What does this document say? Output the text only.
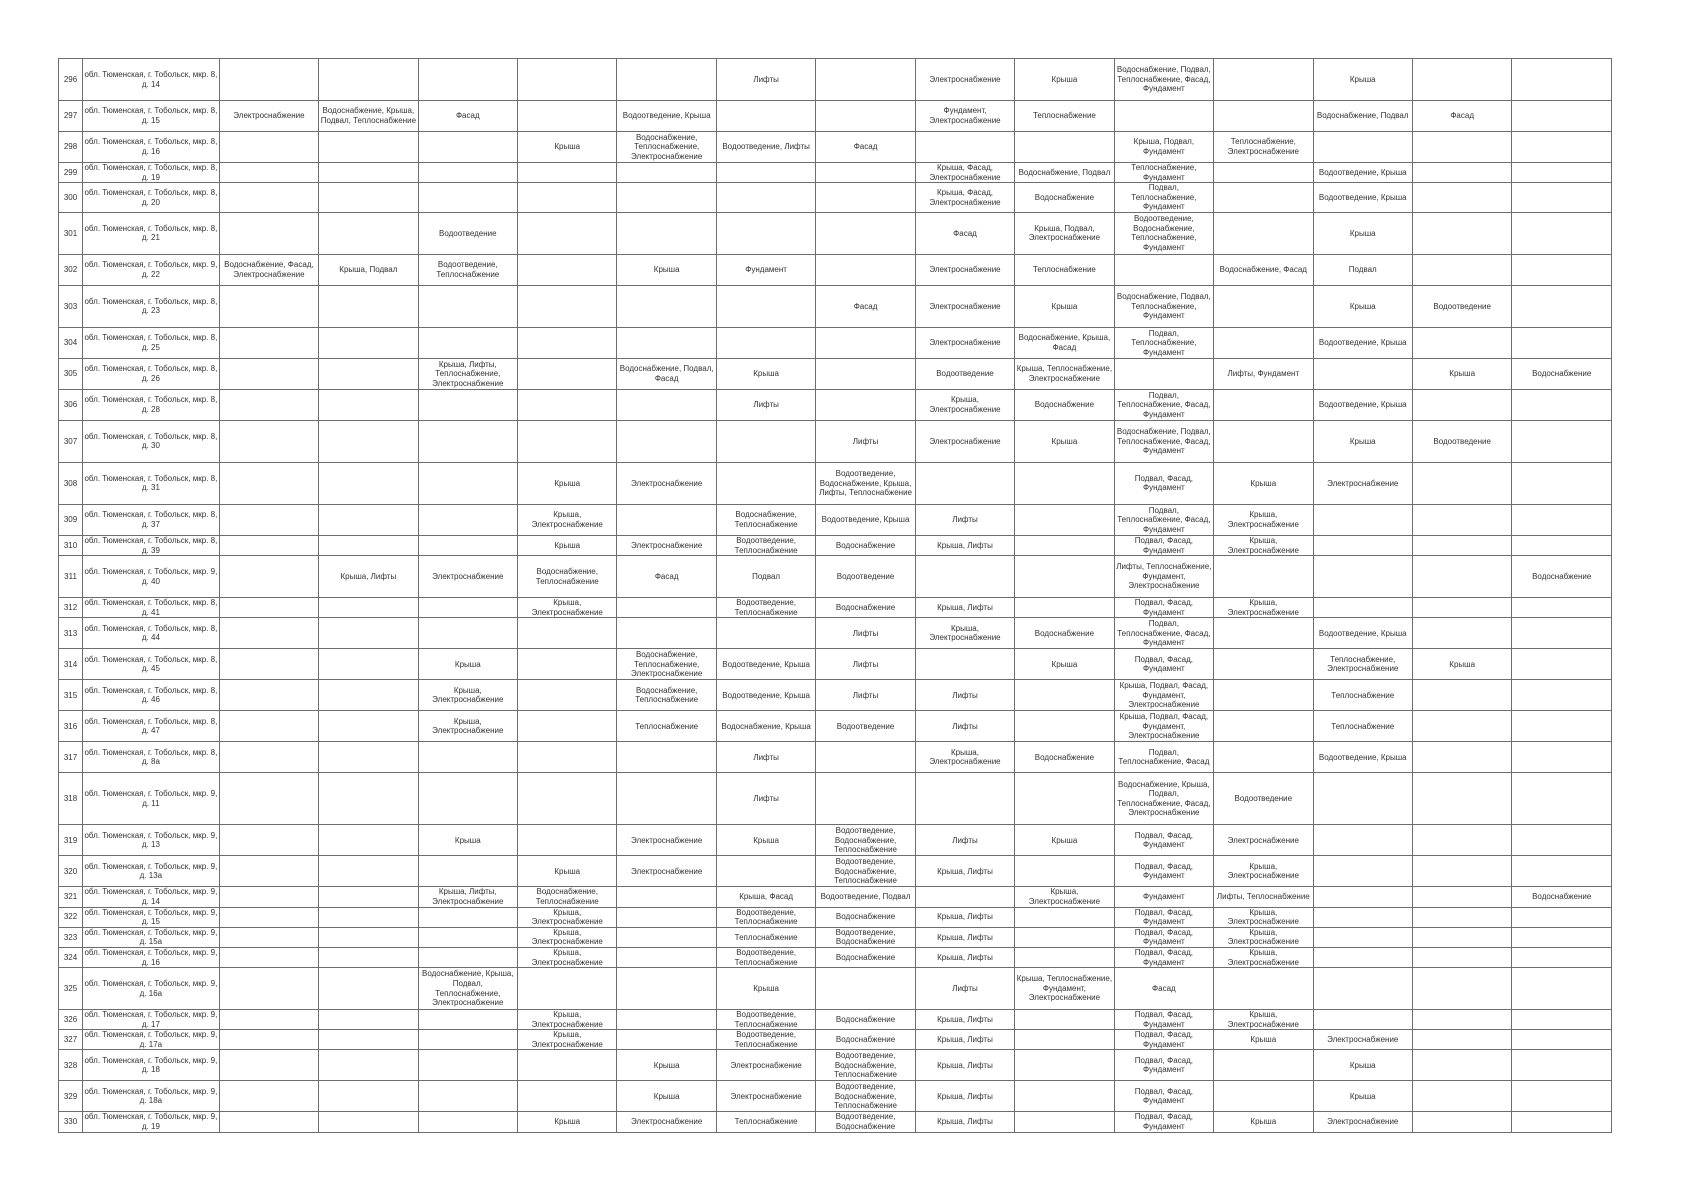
296	обл. Тюменская, г. Тобольск, мкр. 8, д. 14						Лифты		Электроснабжение	Крыша	Водоснабжение, Подвал, Теплоснабжение, Фасад, Фундамент		Крыша		
297	обл. Тюменская, г. Тобольск, мкр. 8, д. 15	Электроснабжение	Водоснабжение, Крыша, Подвал, Теплоснабжение	Фасад		Водоотведение, Крыша			Фундамент, Электроснабжение	Теплоснабжение			Водоснабжение, Подвал	Фасад	
298	обл. Тюменская, г. Тобольск, мкр. 8, д. 16				Крыша	Водоснабжение, Теплоснабжение, Электроснабжение	Водоотведение, Лифты	Фасад			Крыша, Подвал, Фундамент	Теплоснабжение, Электроснабжение			
299	обл. Тюменская, г. Тобольск, мкр. 8, д. 19								Крыша, Фасад, Электроснабжение	Водоснабжение, Подвал	Теплоснабжение, Фундамент		Водоотведение, Крыша		
300	обл. Тюменская, г. Тобольск, мкр. 8, д. 20								Крыша, Фасад, Электроснабжение	Водоснабжение	Подвал, Теплоснабжение, Фундамент		Водоотведение, Крыша		
301	обл. Тюменская, г. Тобольск, мкр. 8, д. 21			Водоотведение					Фасад	Крыша, Подвал, Электроснабжение	Водоотведение, Водоснабжение, Теплоснабжение, Фундамент		Крыша		
302	обл. Тюменская, г. Тобольск, мкр. 9, д. 22	Водоснабжение, Фасад, Электроснабжение	Крыша, Подвал	Водоотведение, Теплоснабжение		Крыша	Фундамент		Электроснабжение	Теплоснабжение		Водоснабжение, Фасад	Подвал		
303	обл. Тюменская, г. Тобольск, мкр. 8, д. 23							Фасад	Электроснабжение	Крыша	Водоснабжение, Подвал, Теплоснабжение, Фундамент		Крыша	Водоотведение	
304	обл. Тюменская, г. Тобольск, мкр. 8, д. 25								Электроснабжение	Водоснабжение, Крыша, Фасад	Подвал, Теплоснабжение, Фундамент		Водоотведение, Крыша		
305	обл. Тюменская, г. Тобольск, мкр. 8, д. 26			Крыша, Лифты, Теплоснабжение, Электроснабжение		Водоснабжение, Подвал, Фасад	Крыша		Водоотведение	Крыша, Теплоснабжение, Электроснабжение		Лифты, Фундамент		Крыша	Водоснабжение
306	обл. Тюменская, г. Тобольск, мкр. 8, д. 28						Лифты		Крыша, Электроснабжение	Водоснабжение	Подвал, Теплоснабжение, Фасад, Фундамент		Водоотведение, Крыша		
307	обл. Тюменская, г. Тобольск, мкр. 8, д. 30							Лифты	Электроснабжение	Крыша	Водоснабжение, Подвал, Теплоснабжение, Фасад, Фундамент		Крыша	Водоотведение	
308	обл. Тюменская, г. Тобольск, мкр. 8, д. 31				Крыша	Электроснабжение		Водоотведение, Водоснабжение, Крыша, Лифты, Теплоснабжение			Подвал, Фасад, Фундамент	Крыша	Электроснабжение		
309	обл. Тюменская, г. Тобольск, мкр. 8, д. 37				Крыша, Электроснабжение		Водоснабжение, Теплоснабжение	Водоотведение, Крыша	Лифты		Подвал, Теплоснабжение, Фасад, Фундамент	Крыша, Электроснабжение			
310	обл. Тюменская, г. Тобольск, мкр. 8, д. 39				Крыша	Электроснабжение	Водоотведение, Теплоснабжение	Водоснабжение	Крыша, Лифты		Подвал, Фасад, Фундамент	Крыша, Электроснабжение			
311	обл. Тюменская, г. Тобольск, мкр. 9, д. 40		Крыша, Лифты	Электроснабжение	Водоснабжение, Теплоснабжение	Фасад	Подвал	Водоотведение			Лифты, Теплоснабжение, Фундамент, Электроснабжение				Водоснабжение
312	обл. Тюменская, г. Тобольск, мкр. 8, д. 41				Крыша, Электроснабжение		Водоотведение, Теплоснабжение	Водоснабжение	Крыша, Лифты		Подвал, Фасад, Фундамент	Крыша, Электроснабжение			
313	обл. Тюменская, г. Тобольск, мкр. 8, д. 44							Лифты	Крыша, Электроснабжение	Водоснабжение	Подвал, Теплоснабжение, Фасад, Фундамент		Водоотведение, Крыша		
314	обл. Тюменская, г. Тобольск, мкр. 8, д. 45			Крыша		Водоснабжение, Теплоснабжение, Электроснабжение	Водоотведение, Крыша	Лифты		Крыша	Подвал, Фасад, Фундамент		Теплоснабжение, Электроснабжение	Крыша	
315	обл. Тюменская, г. Тобольск, мкр. 8, д. 46			Крыша, Электроснабжение		Водоснабжение, Теплоснабжение	Водоотведение, Крыша	Лифты	Лифты		Крыша, Подвал, Фасад, Фундамент, Электроснабжение		Теплоснабжение		
316	обл. Тюменская, г. Тобольск, мкр. 8, д. 47			Крыша, Электроснабжение		Теплоснабжение	Водоснабжение, Крыша	Водоотведение	Лифты		Крыша, Подвал, Фасад, Фундамент, Электроснабжение		Теплоснабжение		
317	обл. Тюменская, г. Тобольск, мкр. 8, д. 8а						Лифты		Крыша, Электроснабжение	Водоснабжение	Подвал, Теплоснабжение, Фасад		Водоотведение, Крыша		
318	обл. Тюменская, г. Тобольск, мкр. 9, д. 11						Лифты				Водоснабжение, Крыша, Подвал, Теплоснабжение, Фасад, Электроснабжение	Водоотведение			
319	обл. Тюменская, г. Тобольск, мкр. 9, д. 13			Крыша		Электроснабжение	Крыша	Водоотведение, Водоснабжение, Теплоснабжение	Лифты	Крыша	Подвал, Фасад, Фундамент	Электроснабжение			
320	обл. Тюменская, г. Тобольск, мкр. 9, д. 13а				Крыша	Электроснабжение		Водоотведение, Водоснабжение, Теплоснабжение	Крыша, Лифты		Подвал, Фасад, Фундамент	Крыша, Электроснабжение			
321	обл. Тюменская, г. Тобольск, мкр. 9, д. 14			Крыша, Лифты, Электроснабжение	Водоснабжение, Теплоснабжение		Крыша, Фасад	Водоотведение, Подвал		Крыша, Электроснабжение	Фундамент	Лифты, Теплоснабжение			Водоснабжение
322	обл. Тюменская, г. Тобольск, мкр. 9, д. 15				Крыша, Электроснабжение		Водоотведение, Теплоснабжение	Водоснабжение	Крыша, Лифты		Подвал, Фасад, Фундамент	Крыша, Электроснабжение			
323	обл. Тюменская, г. Тобольск, мкр. 9, д. 15а				Крыша, Электроснабжение		Теплоснабжение	Водоотведение, Водоснабжение	Крыша, Лифты		Подвал, Фасад, Фундамент	Крыша, Электроснабжение			
324	обл. Тюменская, г. Тобольск, мкр. 9, д. 16				Крыша, Электроснабжение		Водоотведение, Теплоснабжение	Водоснабжение	Крыша, Лифты		Подвал, Фасад, Фундамент	Крыша, Электроснабжение			
325	обл. Тюменская, г. Тобольск, мкр. 9, д. 16а			Водоснабжение, Крыша, Подвал, Теплоснабжение, Электроснабжение			Крыша		Лифты	Крыша, Теплоснабжение, Фундамент, Электроснабжение	Фасад				
326	обл. Тюменская, г. Тобольск, мкр. 9, д. 17				Крыша, Электроснабжение		Водоотведение, Теплоснабжение	Водоснабжение	Крыша, Лифты		Подвал, Фасад, Фундамент	Крыша, Электроснабжение			
327	обл. Тюменская, г. Тобольск, мкр. 9, д. 17а				Крыша, Электроснабжение		Водоотведение, Теплоснабжение	Водоснабжение	Крыша, Лифты		Подвал, Фасад, Фундамент	Крыша	Электроснабжение		
328	обл. Тюменская, г. Тобольск, мкр. 9, д. 18					Крыша	Электроснабжение	Водоотведение, Водоснабжение, Теплоснабжение	Крыша, Лифты		Подвал, Фасад, Фундамент		Крыша		
329	обл. Тюменская, г. Тобольск, мкр. 9, д. 18а					Крыша	Электроснабжение	Водоотведение, Водоснабжение, Теплоснабжение	Крыша, Лифты		Подвал, Фасад, Фундамент		Крыша		
330	обл. Тюменская, г. Тобольск, мкр. 9, д. 19				Крыша	Электроснабжение	Теплоснабжение	Водоотведение, Водоснабжение	Крыша, Лифты		Подвал, Фасад, Фундамент	Крыша	Электроснабжение		
